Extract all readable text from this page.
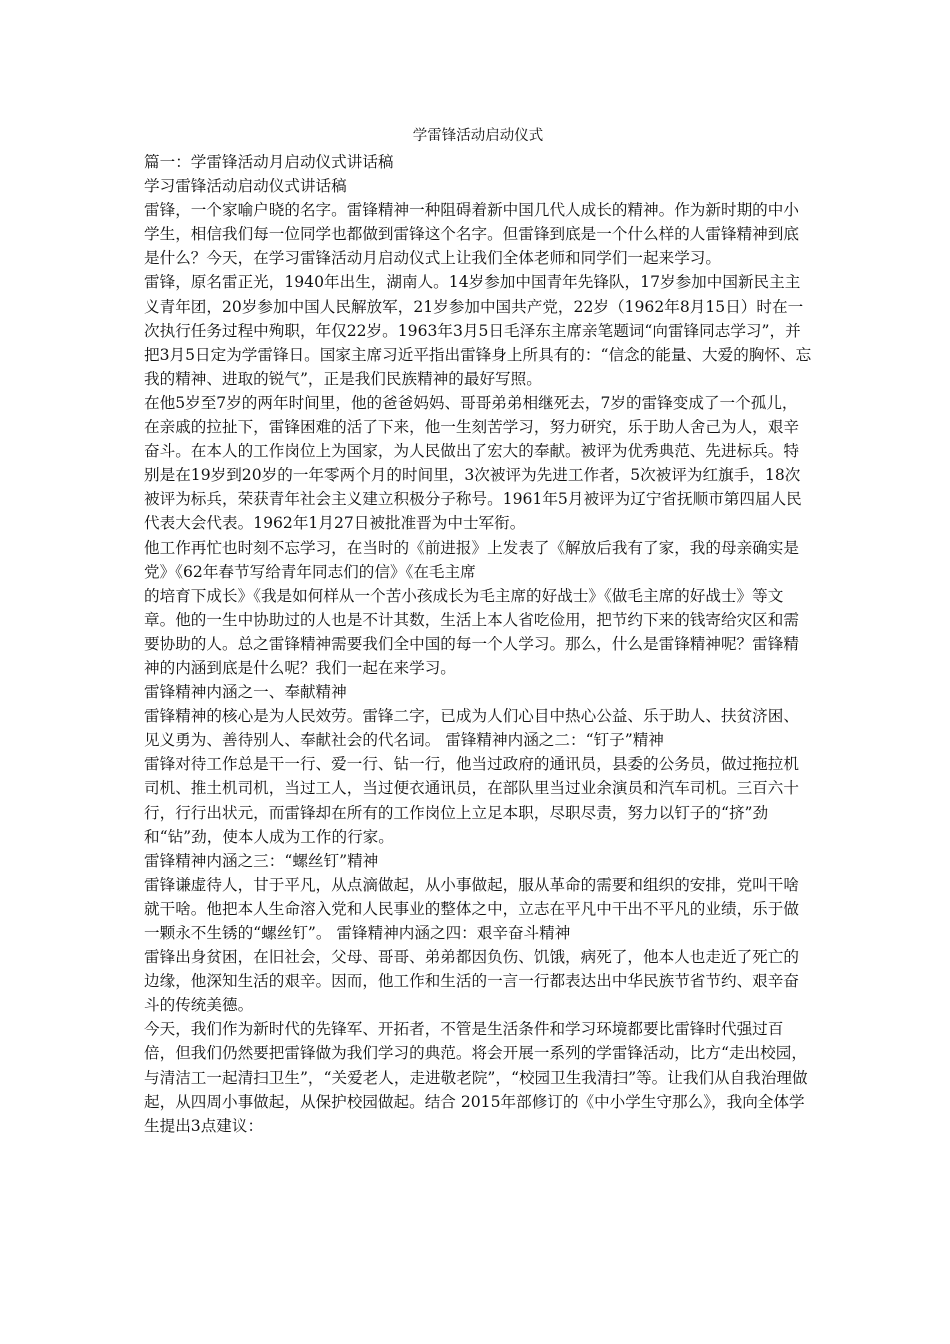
学雷锋活动启动仪式

篇一：学雷锋活动月启动仪式讲话稿

学习雷锋活动启动仪式讲话稿

雷锋，一个家喻户晓的名字。雷锋精神一种阻碍着新中国几代人成长的精神。作为新时期的中小学生，相信我们每一位同学也都做到雷锋这个名字。但雷锋到底是一个什么样的人雷锋精神到底是什么？今天，在学习雷锋活动月启动仪式上让我们全体老师和同学们一起来学习。

雷锋，原名雷正光，1940年出生，湖南人。14岁参加中国青年先锋队，17岁参加中国新民主主义青年团，20岁参加中国人民解放军，21岁参加中国共产党，22岁（1962年8月15日）时在一次执行任务过程中殉职，年仅22岁。1963年3月5日毛泽东主席亲笔题词“向雷锋同志学习”，并把3月5日定为学雷锋日。国家主席习近平指出雷锋身上所具有的：“信念的能量、大爱的胸怀、忘我的精神、进取的锐气”，正是我们民族精神的最好写照。

在他5岁至7岁的两年时间里，他的爸爸妈妈、哥哥弟弟相继死去，7岁的雷锋变成了一个孤儿，在亲戚的拉扯下，雷锋困难的活了下来，他一生刻苦学习，努力研究，乐于助人舍己为人，艰辛奋斗。在本人的工作岗位上为国家，为人民做出了宏大的奉献。被评为优秀典范、先进标兵。特别是在19岁到20岁的一年零两个月的时间里，3次被评为先进工作者，5次被评为红旗手，18次被评为标兵，荣获青年社会主义建立积极分子称号。1961年5月被评为辽宁省抚顺市第四届人民代表大会代表。1962年1月27日被批准晋为中士军衔。

他工作再忙也时刻不忘学习，在当时的《前进报》上发表了《解放后我有了家，我的母亲确实是党》《62年春节写给青年同志们的信》《在毛主席

的培育下成长》《我是如何样从一个苦小孩成长为毛主席的好战士》《做毛主席的好战士》等文章。他的一生中协助过的人也是不计其数，生活上本人省吃俭用，把节约下来的钱寄给灾区和需要协助的人。总之雷锋精神需要我们全中国的每一个人学习。那么，什么是雷锋精神呢？雷锋精神的内涵到底是什么呢？我们一起在来学习。

雷锋精神内涵之一、奉献精神

雷锋精神的核心是为人民效劳。雷锋二字，已成为人们心目中热心公益、乐于助人、扶贫济困、见义勇为、善待别人、奉献社会的代名词。 雷锋精神内涵之二：“钉子”精神

雷锋对待工作总是干一行、爱一行、钻一行，他当过政府的通讯员，县委的公务员，做过拖拉机司机、推土机司机，当过工人，当过便衣通讯员，在部队里当过业余演员和汽车司机。三百六十行，行行出状元，而雷锋却在所有的工作岗位上立足本职，尽职尽责，努力以钉子的“挤”劲和“钻”劲，使本人成为工作的行家。

雷锋精神内涵之三：“螺丝钉”精神

雷锋谦虚待人，甘于平凡，从点滴做起，从小事做起，服从革命的需要和组织的安排，党叫干啥就干啥。他把本人生命溶入党和人民事业的整体之中，立志在平凡中干出不平凡的业绩，乐于做一颗永不生锈的“螺丝钉”。 雷锋精神内涵之四：艰辛奋斗精神

雷锋出身贫困，在旧社会，父母、哥哥、弟弟都因负伤、饥饿，病死了，他本人也走近了死亡的边缘，他深知生活的艰辛。因而，他工作和生活的一言一行都表达出中华民族节省节约、艰辛奋斗的传统美德。

今天，我们作为新时代的先锋军、开拓者，不管是生活条件和学习环境都要比雷锋时代强过百倍，但我们仍然要把雷锋做为我们学习的典范。将会开展一系列的学雷锋活动，比方“走出校园，与清洁工一起清扫卫生”，“关爱老人，走进敬老院”，“校园卫生我清扫”等。让我们从自我治理做起，从四周小事做起，从保护校园做起。结合 2015年部修订的《中小学生守那么》，我向全体学生提出3点建议：
